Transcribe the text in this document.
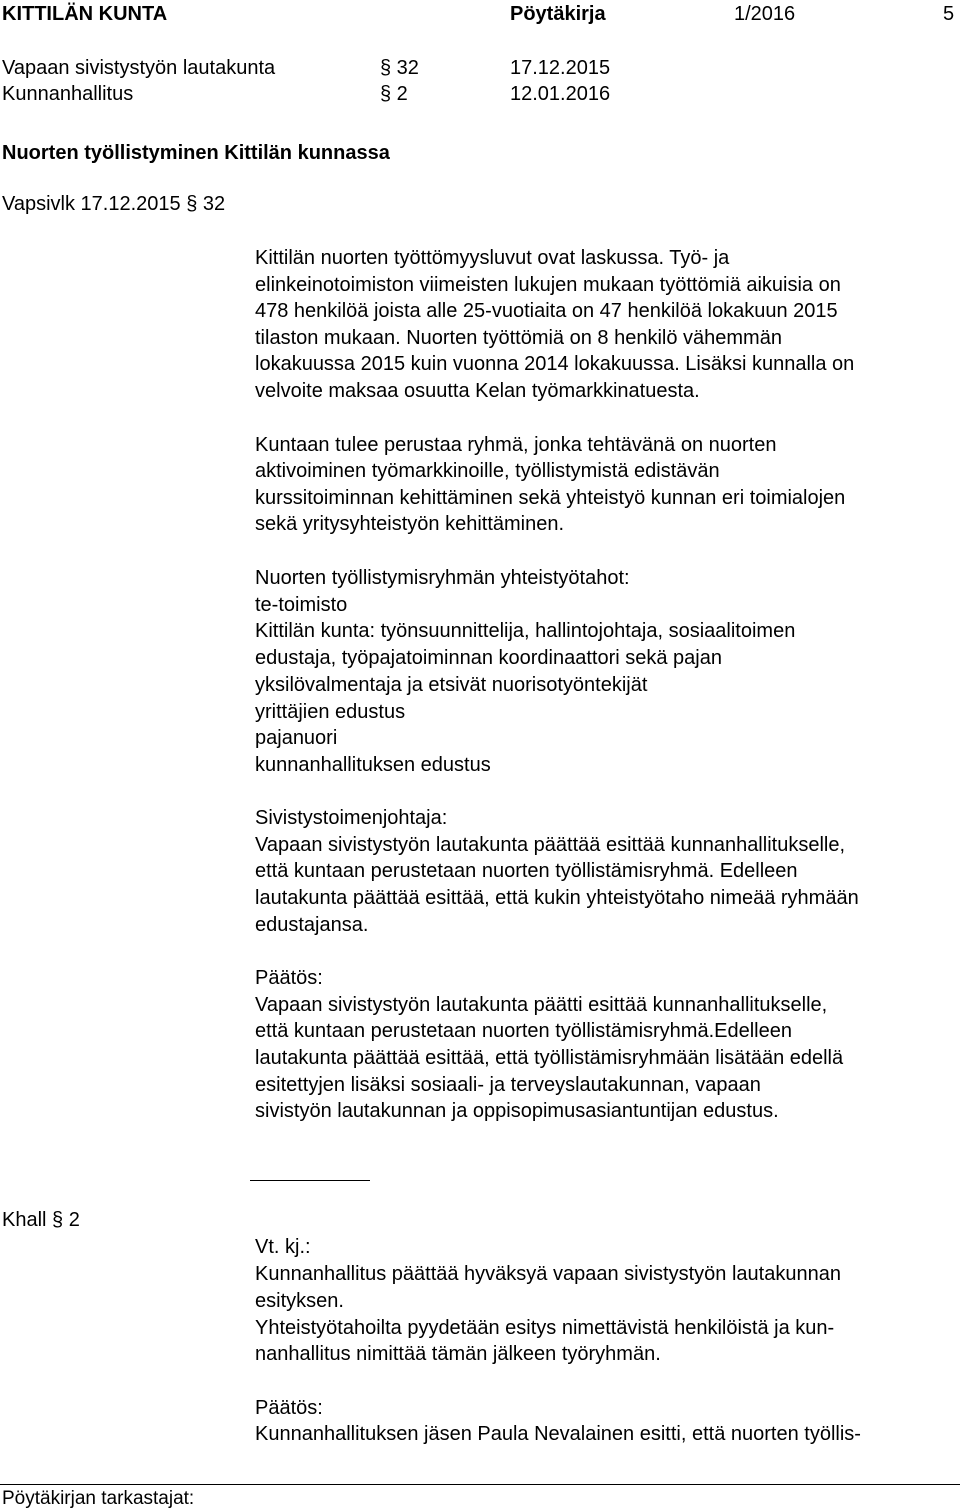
KITTILÄN KUNTA	Pöytäkirja	1/2016	5
Vapaan sivistystyön lautakunta	§ 32	17.12.2015
Kunnanhallitus	§ 2	12.01.2016
Nuorten työllistyminen Kittilän kunnassa
Vapsivlk 17.12.2015 § 32
Kittilän nuorten työttömyysluvut ovat laskussa. Työ- ja
elinkeinotoimiston viimeisten lukujen mukaan työttömiä aikuisia on
478 henkilöä joista alle 25-vuotiaita on 47 henkilöä lokakuun 2015
tilaston mukaan. Nuorten työttömiä on 8 henkilö vähemmän
lokakuussa 2015 kuin vuonna 2014 lokakuussa. Lisäksi kunnalla on
velvoite maksaa osuutta Kelan työmarkkinatuesta.
Kuntaan tulee perustaa ryhmä, jonka tehtävänä on nuorten
aktivoiminen työmarkkinoille, työllistymistä edistävän
kurssitoiminnan kehittäminen sekä yhteistyö kunnan eri toimialojen
sekä yritysyhteistyön kehittäminen.
Nuorten työllistymisryhmän yhteistyötahot:
te-toimisto
Kittilän kunta: työnsuunnittelija, hallintojohtaja, sosiaalitoimen
edustaja, työpajatoiminnan koordinaattori sekä pajan
yksilövalmentaja ja etsivät nuorisotyöntekijät
yrittäjien edustus
pajanuori
kunnanhallituksen edustus
Sivistystoimenjohtaja:
Vapaan sivistystyön lautakunta päättää esittää kunnanhallitukselle,
että kuntaan perustetaan nuorten työllistämisryhmä. Edelleen
lautakunta päättää esittää, että kukin yhteistyötaho nimeää ryhmään
edustajansa.
Päätös:
Vapaan sivistystyön lautakunta päätti esittää kunnanhallitukselle,
että kuntaan perustetaan nuorten työllistämisryhmä.Edelleen
lautakunta päättää esittää, että työllistämisryhmään lisätään edellä
esitettyjen lisäksi sosiaali- ja terveyslautakunnan, vapaan
sivistyön lautakunnan ja oppisopimusasiantuntijan edustus.
Khall § 2
Vt. kj.:
Kunnanhallitus päättää hyväksyä vapaan sivistystyön lautakunnan
esityksen.
Yhteistyötahoilta pyydetään esitys nimettävistä henkilöistä ja kun-
nanhallitus nimittää tämän jälkeen työryhmän.
Päätös:
Kunnanhallituksen jäsen Paula Nevalainen esitti, että nuorten työllis-
Pöytäkirjan tarkastajat:
